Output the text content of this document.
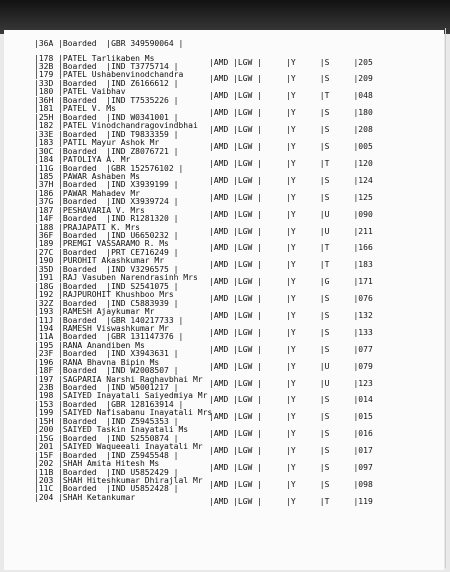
|36A |Boarded  |GBR 349590064 |

|178 |PATEL Tarlikaben Ms
|32B |Boarded  |IND T3775714 |
|AMD |LGW |     |Y     |S     |205
|179 |PATEL Ushabenvinodchandra
|33D |Boarded  |IND Z6166612 |
|AMD |LGW |     |Y     |S     |209
|180 |PATEL Vaibhav
|36H |Boarded  |IND T7535226 |
|AMD |LGW |     |Y     |T     |048
|181 |PATEL V. Ms
|25H |Boarded  |IND W0341001 |
|AMD |LGW |     |Y     |S     |180
|182 |PATEL Vinodchandragovindbhai
|33E |Boarded  |IND T9833359 |
|AMD |LGW |     |Y     |S     |208
|183 |PATIL Mayur Ashok Mr
|30C |Boarded  |IND Z8076721 |
|AMD |LGW |     |Y     |S     |005
|184 |PATOLIYA A. Mr
|11G |Boarded  |GBR 152576102 |
|AMD |LGW |     |Y     |T     |120
|185 |PAWAR Ashaben Ms
|37H |Boarded  |IND X3939199 |
|AMD |LGW |     |Y     |S     |124
|186 |PAWAR Mahadev Mr
|37G |Boarded  |IND X3939724 |
|AMD |LGW |     |Y     |S     |125
|187 |PESHAVARIA V. Mrs
|14F |Boarded  |IND R1281320 |
|AMD |LGW |     |Y     |U     |090
|188 |PRAJAPATI K. Mrs
|36F |Boarded  |IND U6650232 |
|AMD |LGW |     |Y     |U     |211
|189 |PREMGI VASSARAMO R. Ms
|27C |Boarded  |PRT CE716249 |
|AMD |LGW |     |Y     |T     |166
|190 |PUROHIT Akashkumar Mr
|35D |Boarded  |IND V3296575 |
|AMD |LGW |     |Y     |T     |183
|191 |RAJ Vasuben Narendrasinh Mrs
|18G |Boarded  |IND S2541075 |
|AMD |LGW |     |Y     |G     |171
|192 |RAJPUROHIT Khushboo Mrs
|32Z |Boarded  |IND C5883939 |
|AMD |LGW |     |Y     |S     |076
|193 |RAMESH Ajaykumar Mr
|11J |Boarded  |GBR 140217733 |
|AMD |LGW |     |Y     |S     |132
|194 |RAMESH Viswashkumar Mr
|11A |Boarded  |GBR 131147376 |
|AMD |LGW |     |Y     |S     |133
|195 |RANA Anandiben Ms
|23F |Boarded  |IND X3943631 |
|AMD |LGW |     |Y     |S     |077
|196 |RANA Bhavna Bipin Ms
|18F |Boarded  |IND W2008507 |
|AMD |LGW |     |Y     |U     |079
|197 |SAGPARIA Narshi Raghavbhai Mr
|23B |Boarded  |IND W5001217 |
|AMD |LGW |     |Y     |U     |123
|198 |SAIYED Inayatali Saiyedmiya Mr
|153 |Boarded  |GBR 128163914 |
|AMD |LGW |     |Y     |S     |014
|199 |SAIYED Nafisabanu Inayatali Mrs
|15H |Boarded  |IND Z5945353 |
|AMD |LGW |     |Y     |S     |015
|200 |SAIYED Taskin Inayatali Ms
|15G |Boarded  |IND S2550874 |
|AMD |LGW |     |Y     |S     |016
|201 |SAIYED Waqueeali Inayatali Mr
|15F |Boarded  |IND Z5945548 |
|AMD |LGW |     |Y     |S     |017
|202 |SHAH Amita Hitesh Ms
|11B |Boarded  |IND U5852429 |
|AMD |LGW |     |Y     |S     |097
|203 |SHAH Hiteshkumar Dhirajlal Mr
|11C |Boarded  |IND U5852428 |
|AMD |LGW |     |Y     |S     |098
|204 |SHAH Ketankumar	|AMD |LGW |     |Y     |T     |119
